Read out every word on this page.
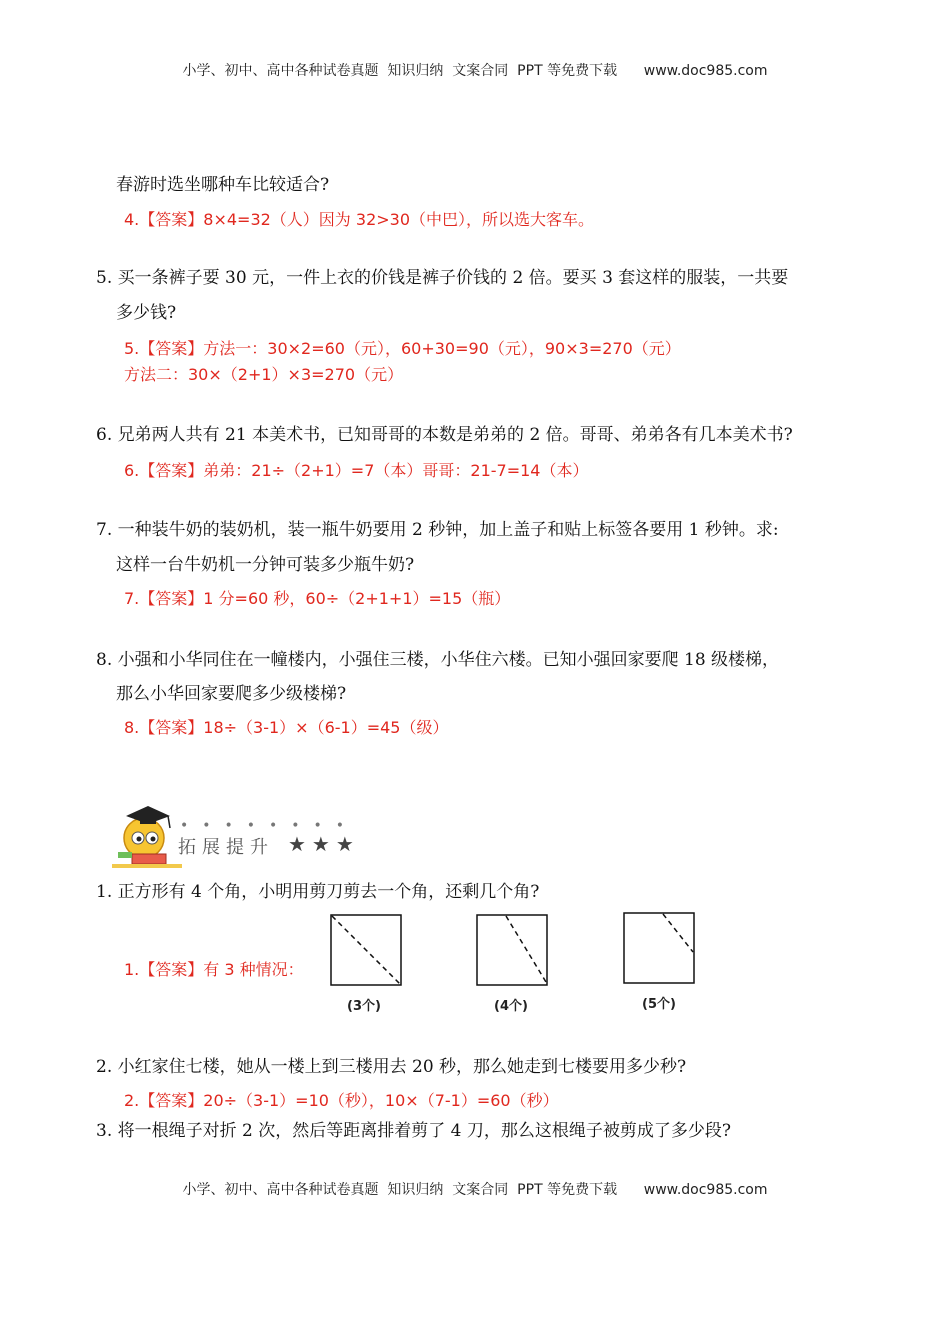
小学、初中、高中各种试卷真题  知识归纳  文案合同  PPT 等免费下载      www.doc985.com
春游时选坐哪种车比较适合?
4.【答案】8×4=32（人）因为 32>30（中巴），所以选大客车。
5. 买一条裤子要 30 元，一件上衣的价钱是裤子价钱的 2 倍。要买 3 套这样的服装，一共要
多少钱?
5.【答案】方法一：30×2=60（元），60+30=90（元），90×3=270（元）
方法二：30×（2+1）×3=270（元）
6. 兄弟两人共有 21 本美术书，已知哥哥的本数是弟弟的 2 倍。哥哥、弟弟各有几本美术书?
6.【答案】弟弟：21÷（2+1）=7（本）哥哥：21-7=14（本）
7. 一种装牛奶的装奶机，装一瓶牛奶要用 2 秒钟，加上盖子和贴上标签各要用 1 秒钟。求:
这样一台牛奶机一分钟可装多少瓶牛奶?
7.【答案】1 分=60 秒，60÷（2+1+1）=15（瓶）
8. 小强和小华同住在一幢楼内，小强住三楼，小华住六楼。已知小强回家要爬 18 级楼梯，
那么小华回家要爬多少级楼梯?
8.【答案】18÷（3-1）×（6-1）=45（级）
••••••••
拓展提升 ★★★
1. 正方形有 4 个角，小明用剪刀剪去一个角，还剩几个角?
1.【答案】有 3 种情况：
(3个)	(4个)	(5个)
2. 小红家住七楼，她从一楼上到三楼用去 20 秒，那么她走到七楼要用多少秒?
2.【答案】20÷（3-1）=10（秒），10×（7-1）=60（秒）
3. 将一根绳子对折 2 次，然后等距离排着剪了 4 刀，那么这根绳子被剪成了多少段?
小学、初中、高中各种试卷真题  知识归纳  文案合同  PPT 等免费下载      www.doc985.com
